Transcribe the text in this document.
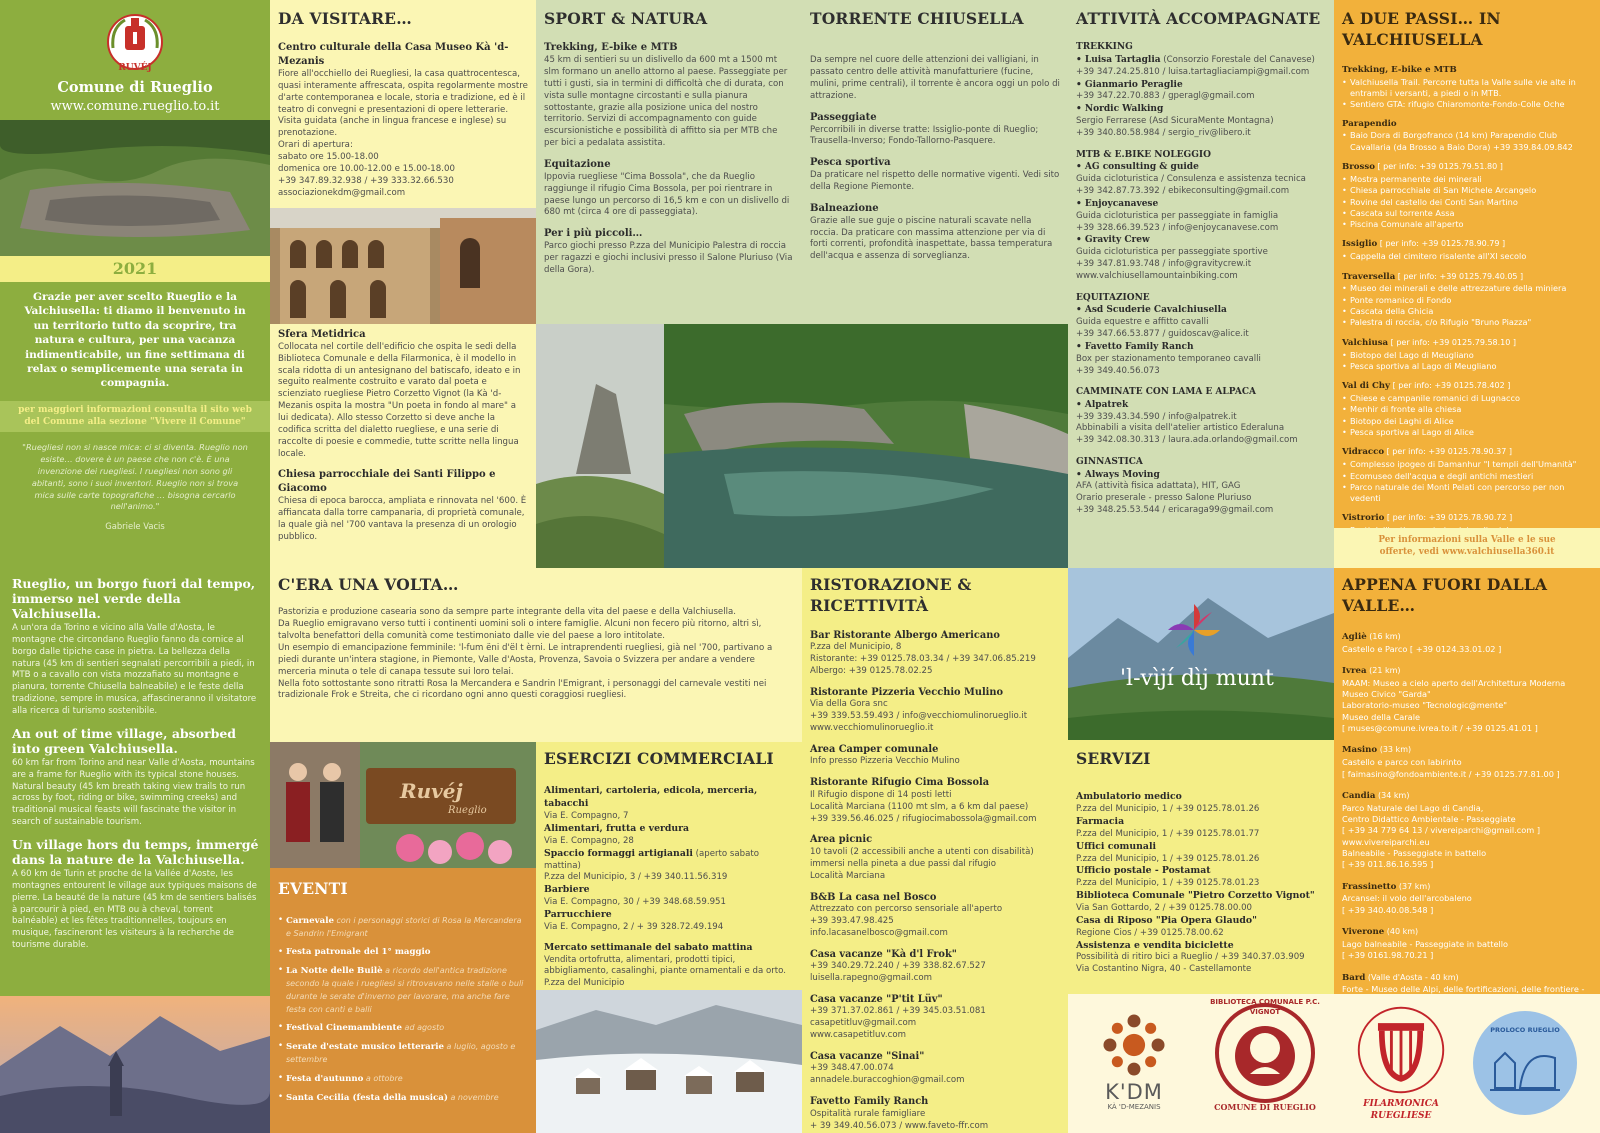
RUVÉJ
Comune di Rueglio
www.comune.rueglio.to.it
2021
Grazie per aver scelto Rueglio e la Valchiusella: ti diamo il benvenuto in un territorio tutto da scoprire, tra natura e cultura, per una vacanza indimenticabile, un fine settimana di relax o semplicemente una serata in compagnia.
per maggiori informazioni consulta il sito web del Comune alla sezione "Vivere il Comune"
"Ruegliesi non si nasce mica: ci si diventa. Rueglio non esiste… dovere è un paese che non c'è. È una invenzione dei ruegliesi. I ruegliesi non sono gli abitanti, sono i suoi inventori. Rueglio non si trova mica sulle carte topografiche … bisogna cercarlo nell'animo."
Gabriele Vacis
Rueglio, un borgo fuori dal tempo, immerso nel verde della Valchiusella.

A un'ora da Torino e vicino alla Valle d'Aosta, le montagne che circondano Rueglio fanno da cornice al borgo dalle tipiche case in pietra. La bellezza della natura (45 km di sentieri segnalati percorribili a piedi, in MTB o a cavallo con vista mozzafiato su montagne e pianura, torrente Chiusella balneabile) e le feste della tradizione, sempre in musica, affascineranno il visitatore alla ricerca di turismo sostenibile.

An out of time village, absorbed into green Valchiusella.

60 km far from Torino and near Valle d'Aosta, mountains are a frame for Rueglio with its typical stone houses. Natural beauty (45 km breath taking view trails to run across by foot, riding or bike, swimming creeks) and traditional musical feasts will fascinate the visitor in search of sustainable tourism.

Un village hors du temps, immergé dans la nature de la Valchiusella.

A 60 km de Turin et proche de la Vallée d'Aoste, les montagnes entourent le village aux typiques maisons de pierre. La beauté de la nature (45 km de sentiers balisés à parcourir à pied, en MTB ou à cheval, torrent balnéable) et les fêtes traditionnelles, toujours en musique, fascineront les visiteurs à la recherche de tourisme durable.

DA VISITARE…
Centro culturale della Casa Museo Kà 'd-Mezanis

Fiore all'occhiello dei Ruegliesi, la casa quattrocentesca, quasi interamente affrescata, ospita regolarmente mostre d'arte contemporanea e locale, storia e tradizione, ed è il teatro di convegni e presentazioni di opere letterarie. Visita guidata (anche in lingua francese e inglese) su prenotazione.

Orari di apertura:

sabato ore 15.00-18.00

domenica ore 10.00-12.00 e 15.00-18.00

+39 347.89.32.938 / +39 333.32.66.530

associazionekdm@gmail.com

Sfera Metidrica

Collocata nel cortile dell'edificio che ospita le sedi della Biblioteca Comunale e della Filarmonica, è il modello in scala ridotta di un antesignano del batiscafo, ideato e in seguito realmente costruito e varato dal poeta e scienziato ruegliese Pietro Corzetto Vignot (la Kà 'd-Mezanis ospita la mostra "Un poeta in fondo al mare" a lui dedicata). Allo stesso Corzetto si deve anche la codifica scritta del dialetto ruegliese, e una serie di raccolte di poesie e commedie, tutte scritte nella lingua locale.

Chiesa parrocchiale dei Santi Filippo e Giacomo

Chiesa di epoca barocca, ampliata e rinnovata nel '600. È affiancata dalla torre campanaria, di proprietà comunale, la quale già nel '700 vantava la presenza di un orologio pubblico.

SPORT & NATURA
Trekking, E-bike e MTB

45 km di sentieri su un dislivello da 600 mt a 1500 mt slm formano un anello attorno al paese. Passeggiate per tutti i gusti, sia in termini di difficoltà che di durata, con vista sulle montagne circostanti e sulla pianura sottostante, grazie alla posizione unica del nostro territorio. Servizi di accompagnamento con guide escursionistiche e possibilità di affitto sia per MTB che per bici a pedalata assistita.

Equitazione

Ippovia ruegliese "Cima Bossola", che da Rueglio raggiunge il rifugio Cima Bossola, per poi rientrare in paese lungo un percorso di 16,5 km e con un dislivello di 680 mt (circa 4 ore di passeggiata).

Per i più piccoli…

Parco giochi presso P.zza del Municipio Palestra di roccia per ragazzi e giochi inclusivi presso il Salone Pluriuso (Via della Gora).

TORRENTE CHIUSELLA

Da sempre nel cuore delle attenzioni dei valligiani, in passato centro delle attività manufatturiere (fucine, mulini, prime centrali), il torrente è ancora oggi un polo di attrazione.

Passeggiate

Percorribili in diverse tratte: Issiglio-ponte di Rueglio; Trausella-Inverso; Fondo-Tallorno-Pasquere.

Pesca sportiva

Da praticare nel rispetto delle normative vigenti. Vedi sito della Regione Piemonte.

Balneazione

Grazie alle sue guje o piscine naturali scavate nella roccia. Da praticare con massima attenzione per via di forti correnti, profondità inaspettate, bassa temperatura dell'acqua e assenza di sorveglianza.

ATTIVITÀ ACCOMPAGNATE
TREKKING
• Luisa Tartaglia (Consorzio Forestale del Canavese)
+39 347.24.25.810 / luisa.tartagliaciampi@gmail.com
• Gianmario Peraglie
+39 347.22.70.883 / gperagl@gmail.com
• Nordic Walking
Sergio Ferrarese (Asd SicuraMente Montagna)
+39 340.80.58.984 / sergio_riv@libero.it
MTB & E.BIKE NOLEGGIO
• AG consulting & guide
Guida cicloturistica / Consulenza e assistenza tecnica
+39 342.87.73.392 / ebikeconsulting@gmail.com
• Enjoycanavese
Guida cicloturistica per passeggiate in famiglia
+39 328.66.39.523 / info@enjoycanavese.com
• Gravity Crew
Guida cicloturistica per passeggiate sportive
+39 347.81.93.748 / info@gravitycrew.it
www.valchiusellamountainbiking.com
EQUITAZIONE
• Asd Scuderie Cavalchiusella
Guida equestre e affitto cavalli
+39 347.66.53.877 / guidoscav@alice.it
• Favetto Family Ranch
Box per stazionamento temporaneo cavalli
+39 349.40.56.073
CAMMINATE CON LAMA E ALPACA
• Alpatrek
+39 339.43.34.590 / info@alpatrek.it
Abbinabili a visita dell'atelier artistico Ederaluna
+39 342.08.30.313 / laura.ada.orlando@gmail.com
GINNASTICA
• Always Moving
AFA (attività fisica adattata), HIT, GAG
Orario preserale - presso Salone Pluriuso
+39 348.25.53.544 / ericaraga99@gmail.com
A DUE PASSI… IN VALCHIUSELLA
Trekking, E-bike e MTB
• Valchiusella Trail. Percorre tutta la Valle sulle vie alte in entrambi i versanti, a piedi o in MTB.
• Sentiero GTA: rifugio Chiaromonte-Fondo-Colle Oche
Parapendio
• Baio Dora di Borgofranco (14 km) Parapendio Club Cavallaria (da Brosso a Baio Dora) +39 339.84.09.842
Brosso [ per info: +39 0125.79.51.80 ]
• Mostra permanente dei minerali
• Chiesa parrocchiale di San Michele Arcangelo
• Rovine del castello dei Conti San Martino
• Cascata sul torrente Assa
• Piscina Comunale all'aperto
Issiglio [ per info: +39 0125.78.90.79 ]
• Cappella del cimitero risalente all'XI secolo
Traversella [ per info: +39 0125.79.40.05 ]
• Museo dei minerali e delle attrezzature della miniera
• Ponte romanico di Fondo
• Cascata della Ghicia
• Palestra di roccia, c/o Rifugio "Bruno Piazza"
Valchiusa [ per info: +39 0125.79.58.10 ]
• Biotopo del Lago di Meugliano
• Pesca sportiva al Lago di Meugliano
Val di Chy [ per info: +39 0125.78.402 ]
• Chiese e campanile romanici di Lugnacco
• Menhir di fronte alla chiesa
• Biotopo dei Laghi di Alice
• Pesca sportiva al Lago di Alice
Vidracco [ per info: +39 0125.78.90.37 ]
• Complesso ipogeo di Damanhur "I templi dell'Umanità"
• Ecomuseo dell'acqua e degli antichi mestieri
• Parco naturale dei Monti Pelati con percorso per non vedenti
Vistrorio [ per info: +39 0125.78.90.72 ]
•
Per informazioni sulla Valle e le sue offerte, vedi www.valchiusella360.it
C'ERA UNA VOLTA…

Pastorizia e produzione casearia sono da sempre parte integrante della vita del paese e della Valchiusella.

Da Rueglio emigravano verso tutti i continenti uomini soli o intere famiglie. Alcuni non fecero più ritorno, altri sì, talvolta benefattori della comunità come testimoniato dalle vie del paese a loro intitolate.

Un esempio di emancipazione femminile: 'l-fum ëni d'ël t èrni. Le intraprendenti ruegliesi, già nel '700, partivano a piedi durante un'intera stagione, in Piemonte, Valle d'Aosta, Provenza, Savoia o Svizzera per andare a vendere merceria minuta o tele di canapa tessute sui loro telai.

Nella foto sottostante sono ritratti Rosa la Mercandera e Sandrin l'Emigrant, i personaggi del carnevale vestiti nei tradizionale Frok e Streita, che ci ricordano ogni anno questi coraggiosi ruegliesi.

Ruvéj
Rueglio
EVENTI
• Carnevale con i personaggi storici di Rosa la Mercandera e Sandrin l'Emigrant
• Festa patronale del 1° maggio
• La Notte delle Builè a ricordo dell'antica tradizione secondo la quale i ruegliesi si ritrovavano nelle stalle o buli durante le serate d'inverno per lavorare, ma anche fare festa con canti e balli
• Festival Cinemambiente ad agosto
• Serate d'estate musico letterarie a luglio, agosto e settembre
• Festa d'autunno a ottobre
• Santa Cecilia (festa della musica) a novembre
ESERCIZI COMMERCIALI
Alimentari, cartoleria, edicola, merceria, tabacchi
Via E. Compagno, 7
Alimentari, frutta e verdura
Via E. Compagno, 28
Spaccio formaggi artigianali (aperto sabato mattina)
P.zza del Municipio, 3 / +39 340.11.56.319
Barbiere
Via E. Compagno, 30 / +39 348.68.59.951
Parrucchiere
Via E. Compagno, 2 / + 39 328.72.49.194
Mercato settimanale del sabato mattina

Vendita ortofrutta, alimentari, prodotti tipici, abbigliamento, casalinghi, piante ornamentali e da orto. P.zza del Municipio

RISTORAZIONE & RICETTIVITÀ
Bar Ristorante Albergo Americano
P.zza del Municipio, 8
Ristorante: +39 0125.78.03.34 / +39 347.06.85.219
Albergo: +39 0125.78.02.25
Ristorante Pizzeria Vecchio Mulino
Via della Gora snc
+39 339.53.59.493 / info@vecchiomulinorueglio.it
www.vecchiomulinorueglio.it
Area Camper comunale
Info presso Pizzeria Vecchio Mulino
Ristorante Rifugio Cima Bossola
Il Rifugio dispone di 14 posti letti
Località Marciana (1100 mt slm, a 6 km dal paese)
+39 339.56.46.025 / rifugiocimabossola@gmail.com
Area picnic
10 tavoli (2 accessibili anche a utenti con disabilità)
immersi nella pineta a due passi dal rifugio
Località Marciana
B&B La casa nel Bosco
Attrezzato con percorso sensoriale all'aperto
+39 393.47.98.425
info.lacasanelbosco@gmail.com
Casa vacanze "Kà d'l Frok"
+39 340.29.72.240 / +39 338.82.67.527
luisella.rapegno@gmail.com
Casa vacanze "P'tit Lüv"
+39 371.37.02.861 / +39 345.03.51.081
casapetitluv@gmail.com
www.casapetitluv.com
Casa vacanze "Sinai"
+39 348.47.00.074
annadele.buraccoghion@gmail.com
Favetto Family Ranch
Ospitalità rurale famigliare
+ 39 349.40.56.073 / www.faveto-ffr.com
'l-vìjí dìj munt
SERVIZI
Ambulatorio medico
P.zza del Municipio, 1 / +39 0125.78.01.26
Farmacia
P.zza del Municipio, 1 / +39 0125.78.01.77
Uffici comunali
P.zza del Municipio, 1 / +39 0125.78.01.26
Ufficio postale - Postamat
P.zza del Municipio, 1 / +39 0125.78.01.23
Biblioteca Comunale "Pietro Corzetto Vignot"
Via San Gottardo, 2 / +39 0125.78.00.00
Casa di Riposo "Pia Opera Glaudo"
Regione Cios / +39 0125.78.00.62
Assistenza e vendita biciclette
Possibilità di ritiro bici a Rueglio / +39 340.37.03.909
Via Costantino Nigra, 40 - Castellamonte
APPENA FUORI DALLA VALLE…
Agliè (16 km)
Castello e Parco [ +39 0124.33.01.02 ]
Ivrea (21 km)
MAAM: Museo a cielo aperto dell'Architettura Moderna
Museo Civico "Garda"
Laboratorio-museo "Tecnologic@mente"
Museo della Carale
[ muses@comune.ivrea.to.it / +39 0125.41.01 ]
Masino (33 km)
Castello e parco con labirinto
[ faimasino@fondoambiente.it / +39 0125.77.81.00 ]
Candia (34 km)
Parco Naturale del Lago di Candia,
Centro Didattico Ambientale - Passeggiate
[ +39 34 779 64 13 / vivereiparchi@gmail.com ]
www.vivereiparchi.eu
Balneabile - Passeggiate in battello
[ +39 011.86.16.595 ]
Frassinetto (37 km)
Arcansel: il volo dell'arcobaleno
[ +39 340.40.08.548 ]
Viverone (40 km)
Lago balneabile - Passeggiate in battello
[ +39 0161.98.70.21 ]
Bard (Valle d'Aosta - 40 km)
Forte - Museo delle Alpi, delle fortificazioni, delle frontiere -
K'DM
KÀ 'D-MEZANIS
BIBLIOTECA COMUNALE P.C. VIGNOT
COMUNE DI RUEGLIO	FILARMONICA RUEGLIESE
PROLOCO RUEGLIO
